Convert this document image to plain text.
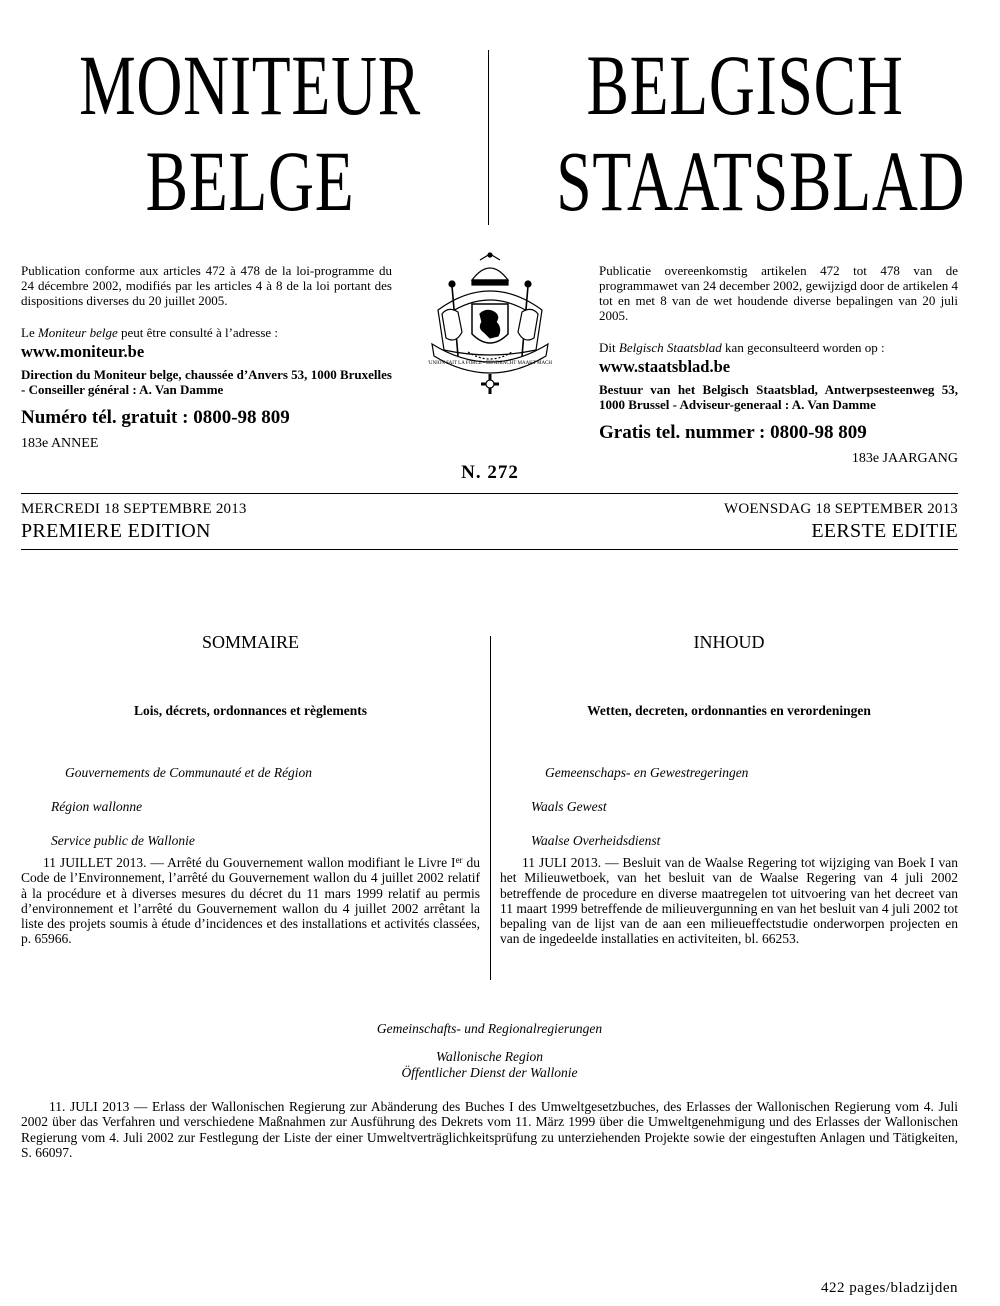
MONITEUR
BELGE
BELGISCH
STAATSBLAD

Publication conforme aux articles 472 à 478 de la loi-programme du 24 décembre 2002, modifiés par les articles 4 à 8 de la loi portant des dispositions diverses du 20 juillet 2005.

Le Moniteur belge peut être consulté à l’adresse :

www.moniteur.be

Direction du Moniteur belge, chaussée d’Anvers 53, 1000 Bruxelles - Conseiller général : A. Van Damme

Numéro tél. gratuit : 0800-98 809

183e ANNEE

Publicatie overeenkomstig artikelen 472 tot 478 van de programmawet van 24 december 2002, gewijzigd door de artikelen 4 tot en met 8 van de wet houdende diverse bepalingen van 20 juli 2005.

Dit Belgisch Staatsblad kan geconsulteerd worden op :

www.staatsblad.be

Bestuur van het Belgisch Staatsblad, Antwerpsesteenweg 53, 1000 Brussel - Adviseur-generaal : A. Van Damme

Gratis tel. nummer : 0800-98 809

183e JAARGANG

L'UNION FAIT LA FORCE - EENDRACHT MAAKT MACHT
N. 272
MERCREDI 18 SEPTEMBRE 2013	WOENSDAG 18 SEPTEMBER 2013
PREMIERE EDITION	EERSTE EDITIE
SOMMAIRE
Lois, décrets, ordonnances et règlements
Gouvernements de Communauté et de Région
Région wallonne
Service public de Wallonie

11 JUILLET 2013. — Arrêté du Gouvernement wallon modifiant le Livre Ier du Code de l’Environnement, l’arrêté du Gouvernement wallon du 4 juillet 2002 relatif à la procédure et à diverses mesures du décret du 11 mars 1999 relatif au permis d’environnement et l’arrêté du Gouvernement wallon du 4 juillet 2002 arrêtant la liste des projets soumis à étude d’incidences et des installations et activités classées, p. 65966.

INHOUD
Wetten, decreten, ordonnanties en verordeningen
Gemeenschaps- en Gewestregeringen
Waals Gewest
Waalse Overheidsdienst

11 JULI 2013. — Besluit van de Waalse Regering tot wijziging van Boek I van het Milieuwetboek, van het besluit van de Waalse Regering van 4 juli 2002 betreffende de procedure en diverse maatregelen tot uitvoering van het decreet van 11 maart 1999 betreffende de milieuvergunning en van het besluit van 4 juli 2002 tot bepaling van de lijst van de aan een milieueffectstudie onderworpen projecten en van de ingedeelde installaties en activiteiten, bl. 66253.

Gemeinschafts- und Regionalregierungen
Wallonische Region
Öffentlicher Dienst der Wallonie

11. JULI 2013 — Erlass der Wallonischen Regierung zur Abänderung des Buches I des Umweltgesetzbuches, des Erlasses der Wallonischen Regierung vom 4. Juli 2002 über das Verfahren und verschiedene Maßnahmen zur Ausführung des Dekrets vom 11. März 1999 über die Umweltgenehmigung und des Erlasses der Wallonischen Regierung vom 4. Juli 2002 zur Festlegung der Liste der einer Umweltverträglichkeitsprüfung zu unterziehenden Projekte sowie der eingestuften Anlagen und Tätigkeiten, S. 66097.

422 pages/bladzijden
